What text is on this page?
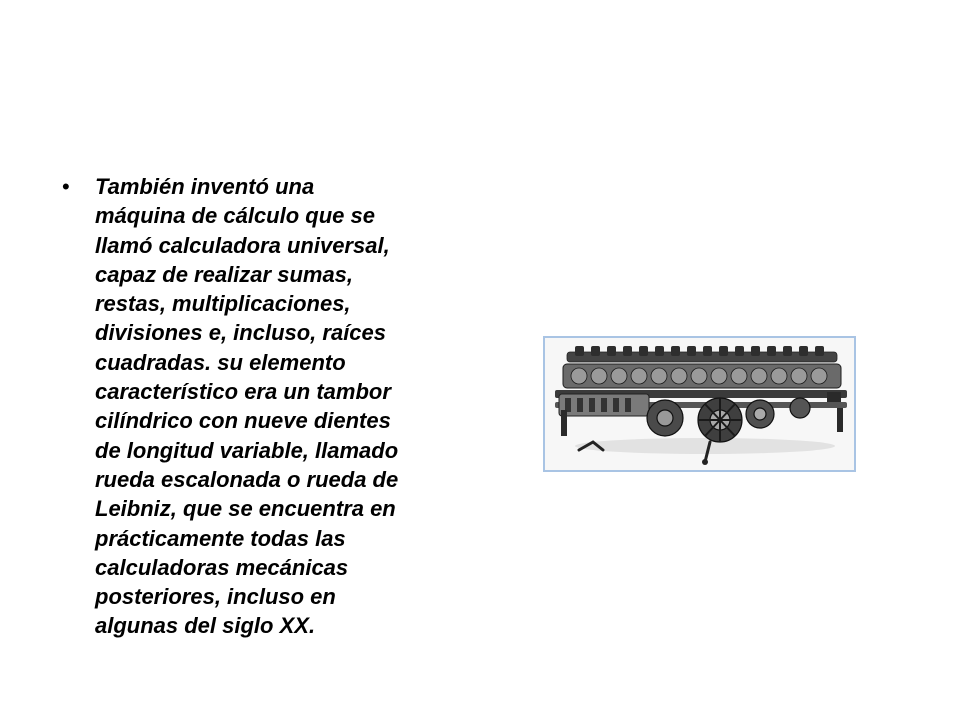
• También inventó una
máquina de cálculo que se
llamó calculadora universal,
capaz de realizar sumas,
restas, multiplicaciones,
divisiones e, incluso, raíces
cuadradas. su elemento
característico era un tambor
cilíndrico con nueve dientes
de longitud variable, llamado
rueda escalonada o rueda de
Leibniz, que se encuentra en
prácticamente todas las
calculadoras mecánicas
posteriores, incluso en
algunas del siglo XX.
